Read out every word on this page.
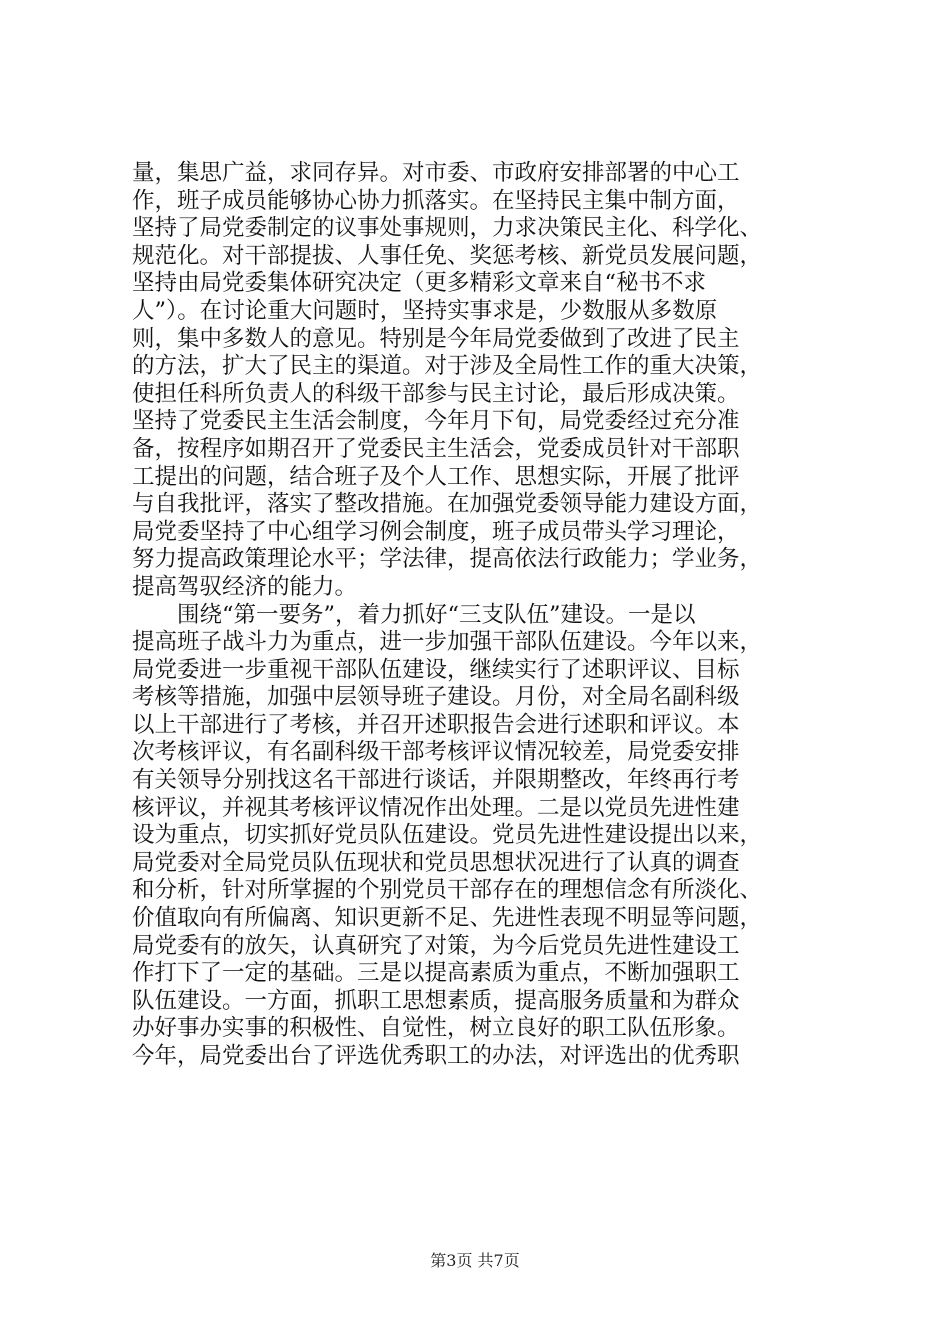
量，集思广益，求同存异。对市委、市政府安排部署的中心工
作，班子成员能够协心协力抓落实。在坚持民主集中制方面，
坚持了局党委制定的议事处事规则，力求决策民主化、科学化、
规范化。对干部提拔、人事任免、奖惩考核、新党员发展问题，
坚持由局党委集体研究决定（更多精彩文章来自“秘书不求
人”）。在讨论重大问题时，坚持实事求是，少数服从多数原
则，集中多数人的意见。特别是今年局党委做到了改进了民主
的方法，扩大了民主的渠道。对于涉及全局性工作的重大决策，
使担任科所负责人的科级干部参与民主讨论，最后形成决策。
坚持了党委民主生活会制度，今年月下旬，局党委经过充分准
备，按程序如期召开了党委民主生活会，党委成员针对干部职
工提出的问题，结合班子及个人工作、思想实际，开展了批评
与自我批评，落实了整改措施。在加强党委领导能力建设方面，
局党委坚持了中心组学习例会制度，班子成员带头学习理论，
努力提高政策理论水平；学法律，提高依法行政能力；学业务，
提高驾驭经济的能力。
　　围绕“第一要务”，着力抓好“三支队伍”建设。一是以
提高班子战斗力为重点，进一步加强干部队伍建设。今年以来，
局党委进一步重视干部队伍建设，继续实行了述职评议、目标
考核等措施，加强中层领导班子建设。月份，对全局名副科级
以上干部进行了考核，并召开述职报告会进行述职和评议。本
次考核评议，有名副科级干部考核评议情况较差，局党委安排
有关领导分别找这名干部进行谈话，并限期整改，年终再行考
核评议，并视其考核评议情况作出处理。二是以党员先进性建
设为重点，切实抓好党员队伍建设。党员先进性建设提出以来，
局党委对全局党员队伍现状和党员思想状况进行了认真的调查
和分析，针对所掌握的个别党员干部存在的理想信念有所淡化、
价值取向有所偏离、知识更新不足、先进性表现不明显等问题，
局党委有的放矢，认真研究了对策，为今后党员先进性建设工
作打下了一定的基础。三是以提高素质为重点，不断加强职工
队伍建设。一方面，抓职工思想素质，提高服务质量和为群众
办好事办实事的积极性、自觉性，树立良好的职工队伍形象。
今年，局党委出台了评选优秀职工的办法，对评选出的优秀职
第3页 共7页
